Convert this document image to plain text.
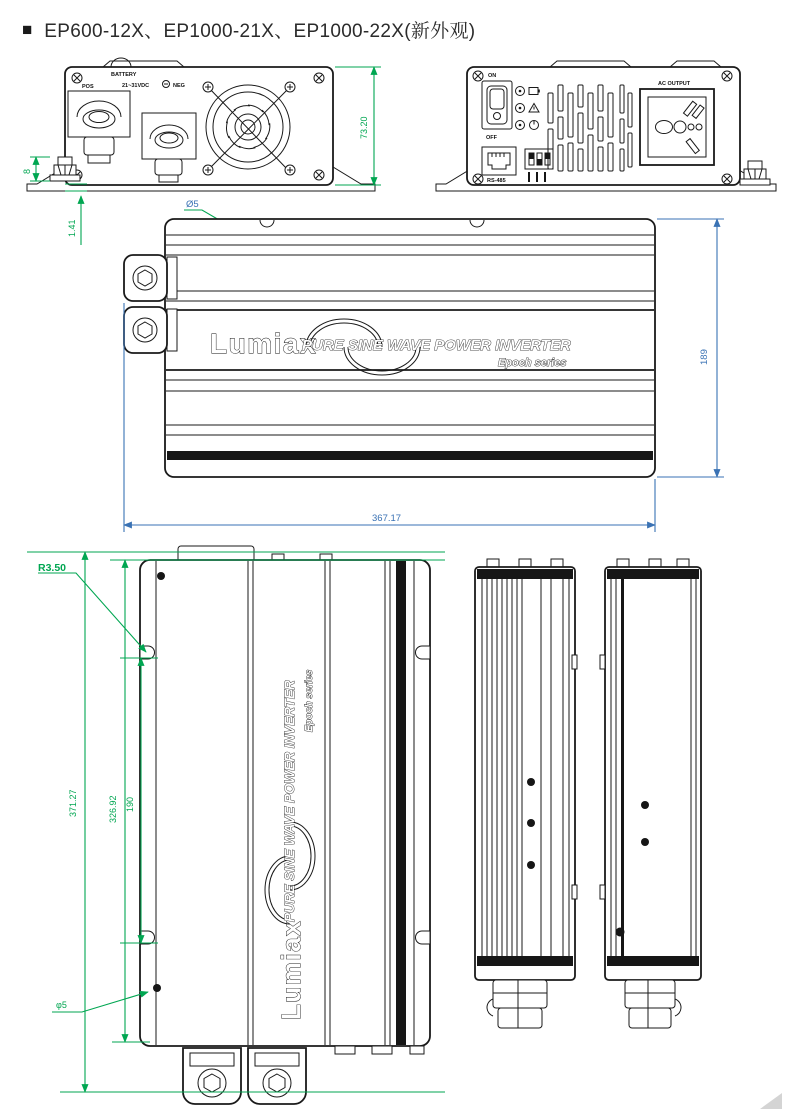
■ EP600-12X、EP1000-21X、EP1000-22X(新外观)
BATTERY
POS	21~31VDC	NEG
73.20
8
1.41
ON
OFF
AC OUTPUT
RS-485
Ø5
Lumiax
PURE SINE WAVE POWER INVERTER
Epoch series	189
367.17
Lumiax
PURE SINE WAVE POWER INVERTER Epoch series
R3.50
371.27	326.92 190
φ5
